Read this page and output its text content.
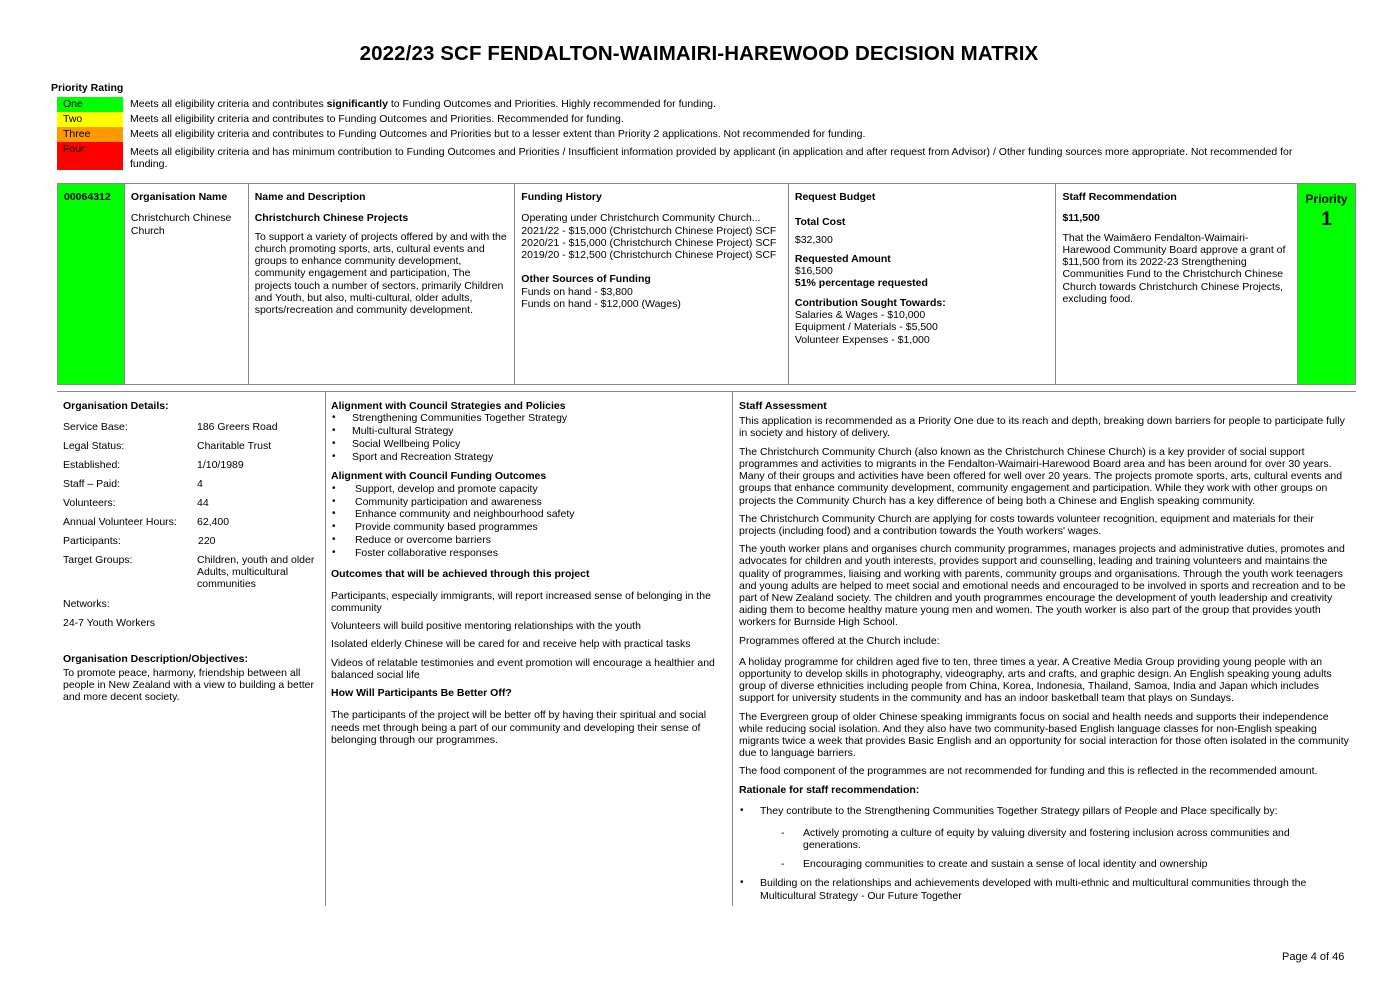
2022/23 SCF FENDALTON-WAIMAIRI-HAREWOOD DECISION MATRIX
Priority Rating
One	Meets all eligibility criteria and contributes significantly to Funding Outcomes and Priorities. Highly recommended for funding.
Two	Meets all eligibility criteria and contributes to Funding Outcomes and Priorities. Recommended for funding.
Three	Meets all eligibility criteria and contributes to Funding Outcomes and Priorities but to a lesser extent than Priority 2 applications. Not recommended for funding.
Four	Meets all eligibility criteria and has minimum contribution to Funding Outcomes and Priorities / Insufficient information provided by applicant (in application and after request from Advisor) / Other funding sources more appropriate. Not recommended for funding.
00064312	Organisation Name
Christchurch Chinese Church
Name and Description
Christchurch Chinese Projects
To support a variety of projects offered by and with the church promoting sports, arts, cultural events and groups to enhance community development, community engagement and participation, The projects touch a number of sectors, primarily Children and Youth, but also, multi-cultural, older adults, sports/recreation and community development.
Funding History
Operating under Christchurch Community Church...
2021/22 - $15,000 (Christchurch Chinese Project) SCF
2020/21 - $15,000 (Christchurch Chinese Project) SCF
2019/20 - $12,500 (Christchurch Chinese Project) SCF
Other Sources of Funding
Funds on hand - $3,800
Funds on hand - $12,000 (Wages)
Request Budget
Total Cost
$32,300
Requested Amount
$16,500
51% percentage requested
Contribution Sought Towards:
Salaries & Wages - $10,000
Equipment / Materials - $5,500
Volunteer Expenses - $1,000
Staff Recommendation
$11,500
That the Waimāero Fendalton-Waimairi-Harewood Community Board approve a grant of $11,500 from its 2022-23 Strengthening Communities Fund to the Christchurch Chinese Church towards Christchurch Chinese Projects, excluding food.
Priority
1
Organisation Details:
Service Base:	186 Greers Road
Legal Status:	Charitable Trust
Established:	1/10/1989
Staff – Paid:	4
Volunteers:	44
Annual Volunteer Hours:	62,400
Participants:	220
Target Groups:	Children, youth and older Adults, multicultural communities
Networks:
24-7 Youth Workers
Organisation Description/Objectives:
To promote peace, harmony, friendship between all people in New Zealand with a view to building a better and more decent society.
Alignment with Council Strategies and Policies
• Strengthening Communities Together Strategy
• Multi-cultural Strategy
• Social Wellbeing Policy
• Sport and Recreation Strategy
Alignment with Council Funding Outcomes
• Support, develop and promote capacity
• Community participation and awareness
• Enhance community and neighbourhood safety
• Provide community based programmes
• Reduce or overcome barriers
• Foster collaborative responses
Outcomes that will be achieved through this project
Participants, especially immigrants, will report increased sense of belonging in the community
Volunteers will build positive mentoring relationships with the youth
Isolated elderly Chinese will be cared for and receive help with practical tasks
Videos of relatable testimonies and event promotion will encourage a healthier and balanced social life
How Will Participants Be Better Off?
The participants of the project will be better off by having their spiritual and social needs met through being a part of our community and developing their sense of belonging through our programmes.
Staff Assessment
This application is recommended as a Priority One due to its reach and depth, breaking down barriers for people to participate fully in society and history of delivery.
The Christchurch Community Church (also known as the Christchurch Chinese Church) is a key provider of social support programmes and activities to migrants in the Fendalton-Waimairi-Harewood Board area and has been around for over 30 years. Many of their groups and activities have been offered for well over 20 years. The projects promote sports, arts, cultural events and groups that enhance community development, community engagement and participation. While they work with other groups on projects the Community Church has a key difference of being both a Chinese and English speaking community.
The Christchurch Community Church are applying for costs towards volunteer recognition, equipment and materials for their projects (including food) and a contribution towards the Youth workers' wages.
The youth worker plans and organises church community programmes, manages projects and administrative duties, promotes and advocates for children and youth interests, provides support and counselling, leading and training volunteers and maintains the quality of programmes, liaising and working with parents, community groups and organisations. Through the youth work teenagers and young adults are helped to meet social and emotional needs and encouraged to be involved in sports and recreation and to be part of New Zealand society. The children and youth programmes encourage the development of youth leadership and creativity aiding them to become healthy mature young men and women. The youth worker is also part of the group that provides youth workers for Burnside High School.
Programmes offered at the Church include:
A holiday programme for children aged five to ten, three times a year. A Creative Media Group providing young people with an opportunity to develop skills in photography, videography, arts and crafts, and graphic design. An English speaking young adults group of diverse ethnicities including people from China, Korea, Indonesia, Thailand, Samoa, India and Japan which includes support for university students in the community and has an indoor basketball team that plays on Sundays.
The Evergreen group of older Chinese speaking immigrants focus on social and health needs and supports their independence while reducing social isolation. And they also have two community-based English language classes for non-English speaking migrants twice a week that provides Basic English and an opportunity for social interaction for those often isolated in the community due to language barriers.
The food component of the programmes are not recommended for funding and this is reflected in the recommended amount.
Rationale for staff recommendation:
• They contribute to the Strengthening Communities Together Strategy pillars of People and Place specifically by:
- Actively promoting a culture of equity by valuing diversity and fostering inclusion across communities and generations.
- Encouraging communities to create and sustain a sense of local identity and ownership
• Building on the relationships and achievements developed with multi-ethnic and multicultural communities through the Multicultural Strategy - Our Future Together
Page 4 of 46
